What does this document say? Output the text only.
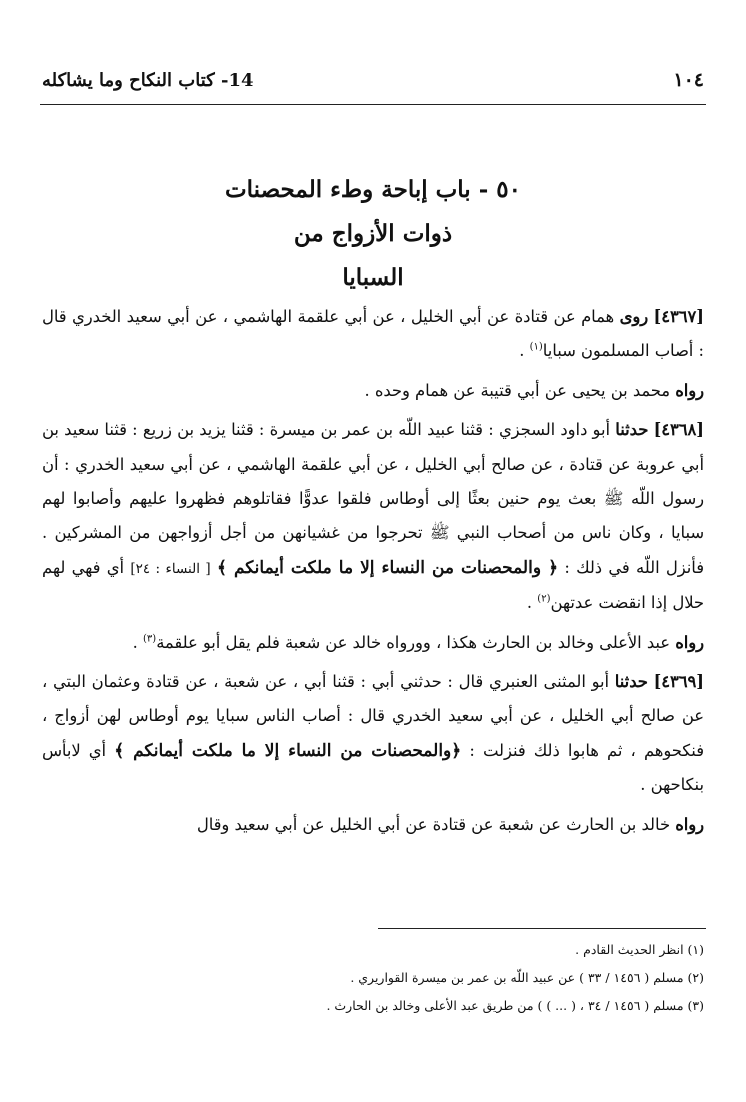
١٠٤
14- كتاب النكاح وما يشاكله
٥٠ - باب إباحة وطء المحصنات
ذوات الأزواج من
السبايا

[٤٣٦٧] روى همام عن قتادة عن أبي الخليل ، عن أبي علقمة الهاشمي ، عن أبي سعيد الخدري قال : أصاب المسلمون سبايا$^{(١)}$ .

رواه محمد بن يحيى عن أبي قتيبة عن همام وحده .

[٤٣٦٨] حدثنا أبو داود السجزي : قثنا عبيد اللّه بن عمر بن ميسرة : قثنا يزيد بن زريع : قثنا سعيد بن أبي عروبة عن قتادة ، عن صالح أبي الخليل ، عن أبي علقمة الهاشمي ، عن أبي سعيد الخدري : أن رسول اللّه ﷺ بعث يوم حنين بعثًا إلى أوطاس فلقوا عدوًّا فقاتلوهم فظهروا عليهم وأصابوا لهم سبايا ، وكان ناس من أصحاب النبي ﷺ تحرجوا من غشيانهن من أجل أزواجهن من المشركين . فأنزل اللّه في ذلك : ﴿ والمحصنات من النساء إلا ما ملكت أيمانكم ﴾ [ النساء : ٢٤] أي فهي لهم حلال إذا انقضت عدتهن$^{(٢)}$ .

رواه عبد الأعلى وخالد بن الحارث هكذا ، وورواه خالد عن شعبة فلم يقل أبو علقمة$^{(٣)}$ .

[٤٣٦٩] حدثنا أبو المثنى العنبري قال : حدثني أبي : قثنا أبي ، عن شعبة ، عن قتادة وعثمان البتي ، عن صالح أبي الخليل ، عن أبي سعيد الخدري قال : أصاب الناس سبايا يوم أوطاس لهن أزواج ، فنكحوهم ، ثم هابوا ذلك فنزلت : ﴿والمحصنات من النساء إلا ما ملكت أيمانكم ﴾ أي لابأس بنكاحهن .

رواه خالد بن الحارث عن شعبة عن قتادة عن أبي الخليل عن أبي سعيد وقال

(١) انظر الحديث القادم .
(٢) مسلم ( ١٤٥٦ / ٣٣ ) عن عبيد اللّه بن عمر بن ميسرة القواريري .
(٣) مسلم ( ١٤٥٦ / ٣٤ ، ( ... ) ) من طريق عبد الأعلى وخالد بن الحارث .
